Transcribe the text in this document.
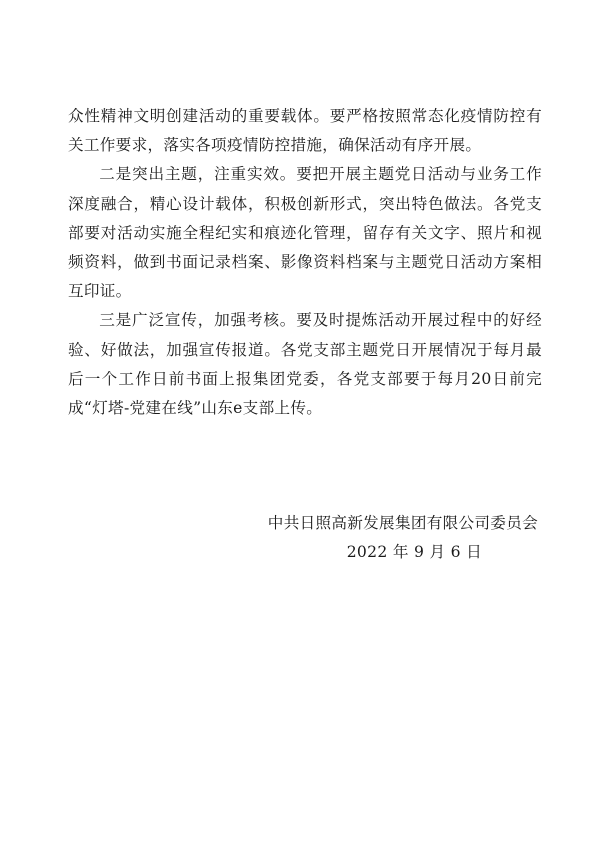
众性精神文明创建活动的重要载体。要严格按照常态化疫情防控有关工作要求，落实各项疫情防控措施，确保活动有序开展。

二是突出主题，注重实效。要把开展主题党日活动与业务工作深度融合，精心设计载体，积极创新形式，突出特色做法。各党支部要对活动实施全程纪实和痕迹化管理，留存有关文字、照片和视频资料，做到书面记录档案、影像资料档案与主题党日活动方案相互印证。

三是广泛宣传，加强考核。要及时提炼活动开展过程中的好经验、好做法，加强宣传报道。各党支部主题党日开展情况于每月最后一个工作日前书面上报集团党委，各党支部要于每月20日前完成“灯塔-党建在线”山东e支部上传。

中共日照高新发展集团有限公司委员会
2022 年 9 月 6 日
